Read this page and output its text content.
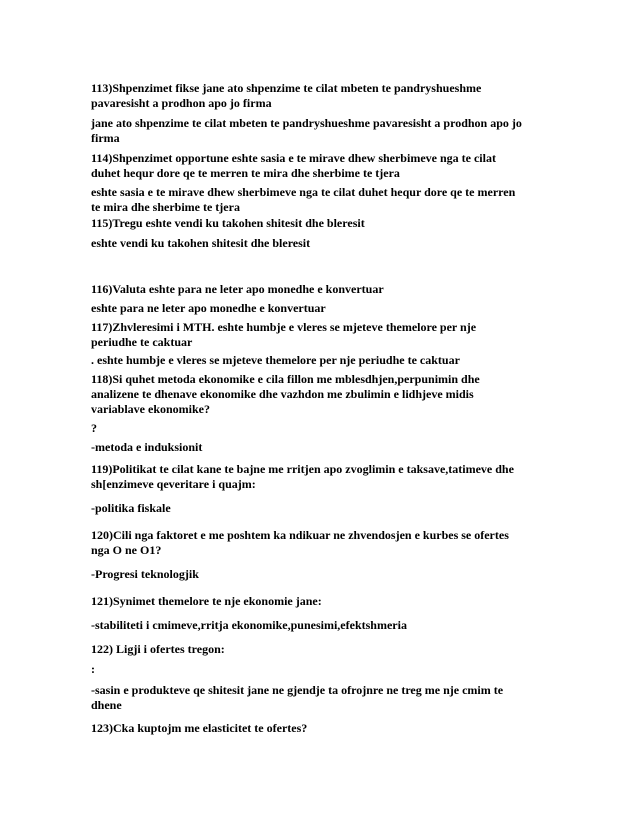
113)Shpenzimet fikse jane ato shpenzime te cilat mbeten te pandryshueshme

pavaresisht a prodhon apo jo firma

jane ato shpenzime te cilat mbeten te pandryshueshme pavaresisht a prodhon apo jo

firma

114)Shpenzimet opportune eshte sasia e te mirave dhew sherbimeve nga te cilat

duhet hequr dore qe te merren te mira dhe sherbime te tjera

eshte sasia e te mirave dhew sherbimeve nga te cilat duhet hequr dore qe te merren

te mira dhe sherbime te tjera

115)Tregu eshte vendi ku takohen shitesit dhe bleresit

eshte vendi ku takohen shitesit dhe bleresit

116)Valuta eshte para ne leter apo monedhe e konvertuar

eshte para ne leter apo monedhe e konvertuar

117)Zhvleresimi i MTH. eshte humbje e vleres se mjeteve themelore per nje

periudhe te caktuar

. eshte humbje e vleres se mjeteve themelore per nje periudhe te caktuar

118)Si quhet metoda ekonomike e cila fillon me mblesdhjen,perpunimin dhe

analizene te dhenave ekonomike dhe vazhdon me zbulimin e lidhjeve midis

variablave ekonomike?

?

-metoda e induksionit

119)Politikat te cilat kane te bajne me rritjen apo zvoglimin e taksave,tatimeve dhe

sh[enzimeve qeveritare i quajm:

-politika fiskale

120)Cili nga faktoret e me poshtem ka ndikuar ne zhvendosjen e kurbes se ofertes

nga O ne O1?

-Progresi teknologjik

121)Synimet themelore te nje ekonomie jane:

-stabiliteti i cmimeve,rritja ekonomike,punesimi,efektshmeria

122) Ligji i ofertes tregon:

:

-sasin e produkteve qe shitesit jane ne gjendje ta ofrojnre ne treg me nje cmim te

dhene

123)Cka kuptojm me elasticitet te ofertes?
